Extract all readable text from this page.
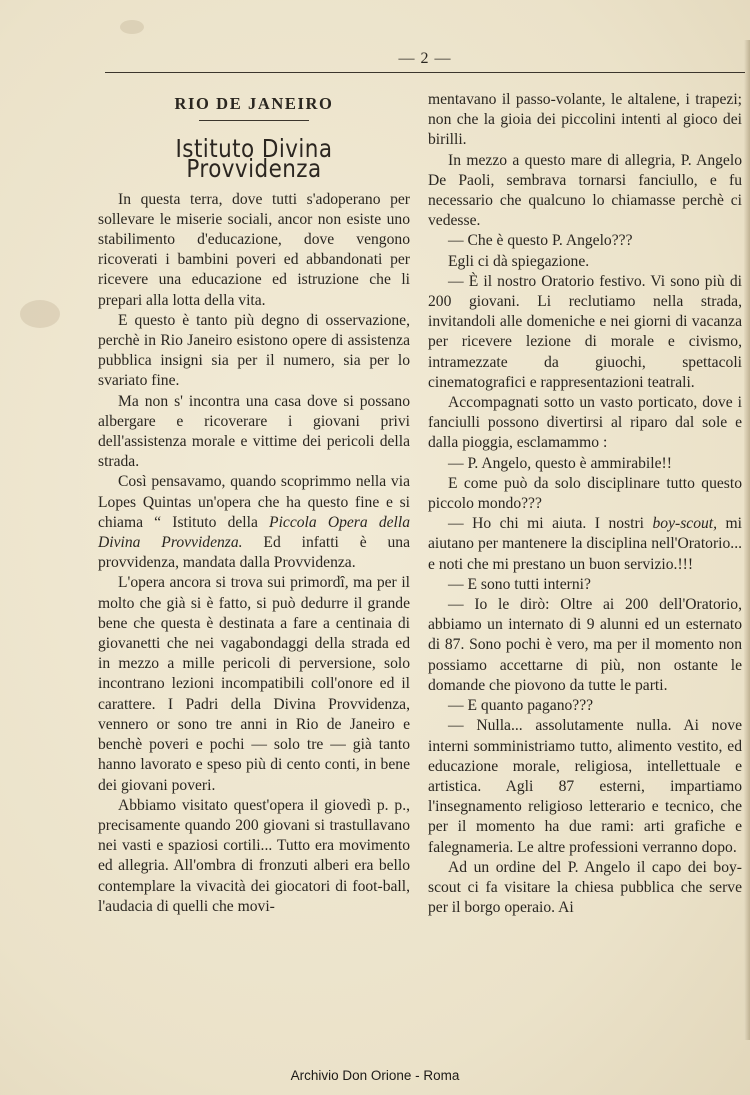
— 2 —
RIO DE JANEIRO
Istituto Divina Provvidenza

In questa terra, dove tutti s'adoperano per sollevare le miserie sociali, ancor non esiste uno stabilimento d'educazione, dove vengono ricoverati i bambini poveri ed abbandonati per ricevere una educazione ed istruzione che li prepari alla lotta della vita.

E questo è tanto più degno di osservazione, perchè in Rio Janeiro esistono opere di assistenza pubblica insigni sia per il numero, sia per lo svariato fine.

Ma non s' incontra una casa dove si possano albergare e ricoverare i giovani privi dell'assistenza morale e vittime dei pericoli della strada.

Così pensavamo, quando scoprimmo nella via Lopes Quintas un'opera che ha questo fine e si chiama “ Istituto della Piccola Opera della Divina Provvidenza. Ed infatti è una provvidenza, mandata dalla Provvidenza.

L'opera ancora si trova sui primordî, ma per il molto che già si è fatto, si può dedurre il grande bene che questa è destinata a fare a centinaia di giovanetti che nei vagabondaggi della strada ed in mezzo a mille pericoli di perversione, solo incontrano lezioni incompatibili coll'onore ed il carattere. I Padri della Divina Provvidenza, vennero or sono tre anni in Rio de Janeiro e benchè poveri e pochi — solo tre — già tanto hanno lavorato e speso più di cento conti, in bene dei giovani poveri.

Abbiamo visitato quest'opera il giovedì p. p., precisamente quando 200 giovani si trastullavano nei vasti e spaziosi cortili... Tutto era movimento ed allegria. All'ombra di fronzuti alberi era bello contemplare la vivacità dei giocatori di foot-ball, l'audacia di quelli che movi-

mentavano il passo-volante, le altalene, i trapezi; non che la gioia dei piccolini intenti al gioco dei birilli.

In mezzo a questo mare di allegria, P. Angelo De Paoli, sembrava tornarsi fanciullo, e fu necessario che qualcuno lo chiamasse perchè ci vedesse.

— Che è questo P. Angelo???

Egli ci dà spiegazione.

— È il nostro Oratorio festivo. Vi sono più di 200 giovani. Li reclutiamo nella strada, invitandoli alle domeniche e nei giorni di vacanza per ricevere lezione di morale e civismo, intramezzate da giuochi, spettacoli cinematografici e rappresentazioni teatrali.

Accompagnati sotto un vasto porticato, dove i fanciulli possono divertirsi al riparo dal sole e dalla pioggia, esclamammo :

— P. Angelo, questo è ammirabile!!

E come può da solo disciplinare tutto questo piccolo mondo???

— Ho chi mi aiuta. I nostri boy-scout, mi aiutano per mantenere la disciplina nell'Oratorio... e noti che mi prestano un buon servizio.!!!

— E sono tutti interni?

— Io le dirò: Oltre ai 200 dell'Oratorio, abbiamo un internato di 9 alunni ed un esternato di 87. Sono pochi è vero, ma per il momento non possiamo accettarne di più, non ostante le domande che piovono da tutte le parti.

— E quanto pagano???

— Nulla... assolutamente nulla. Ai nove interni somministriamo tutto, alimento vestito, ed educazione morale, religiosa, intellettuale e artistica. Agli 87 esterni, impartiamo l'insegnamento religioso letterario e tecnico, che per il momento ha due rami: arti grafiche e falegnameria. Le altre professioni verranno dopo.

Ad un ordine del P. Angelo il capo dei boy-scout ci fa visitare la chiesa pubblica che serve per il borgo operaio. Ai

Archivio Don Orione - Roma
